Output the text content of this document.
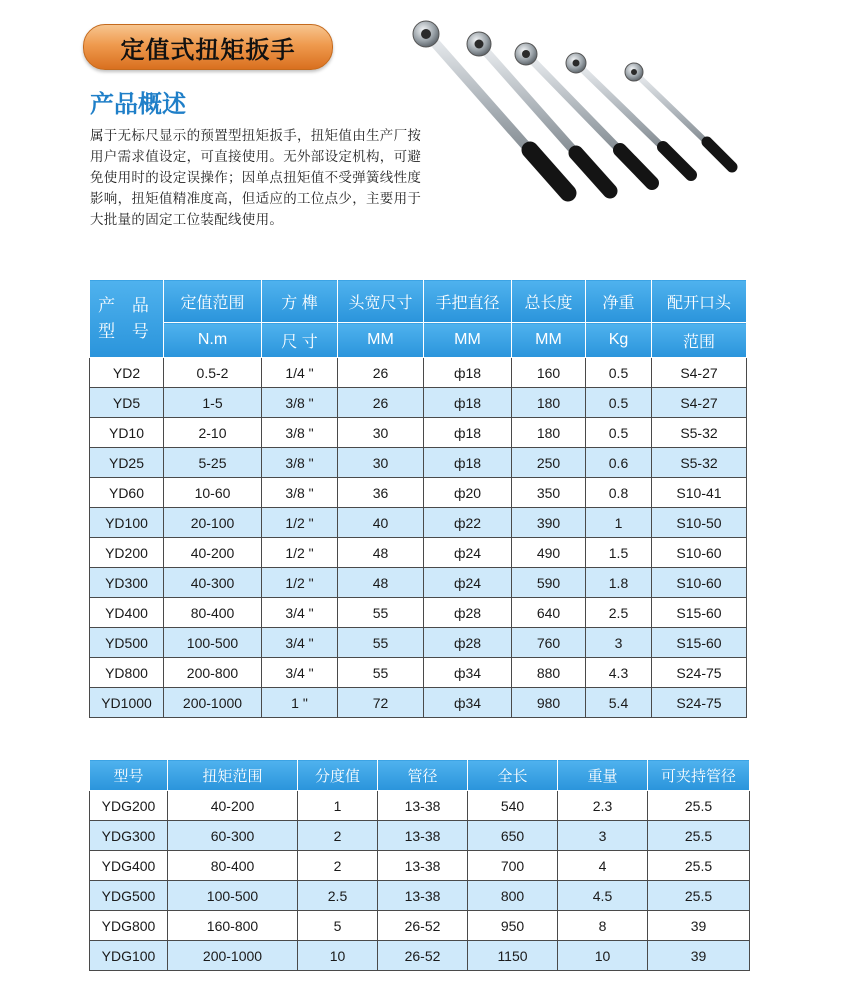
定值式扭矩扳手
产品概述
属于无标尺显示的预置型扭矩扳手，扭矩值由生产厂按
用户需求值设定，可直接使用。无外部设定机构，可避
免使用时的设定误操作；因单点扭矩值不受弹簧线性度
影响，扭矩值精准度高，但适应的工位点少，主要用于
大批量的固定工位装配线使用。
产 品
型 号	定值范围	方 榫	头宽尺寸	手把直径	总长度	净重	配开口头
	N.m	尺 寸	MM	MM	MM	Kg	范围
YD2	0.5-2	1/4 "	26	ф18	160	0.5	S4-27
YD5	1-5	3/8 "	26	ф18	180	0.5	S4-27
YD10	2-10	3/8 "	30	ф18	180	0.5	S5-32
YD25	5-25	3/8 "	30	ф18	250	0.6	S5-32
YD60	10-60	3/8 "	36	ф20	350	0.8	S10-41
YD100	20-100	1/2 "	40	ф22	390	1	S10-50
YD200	40-200	1/2 "	48	ф24	490	1.5	S10-60
YD300	40-300	1/2 "	48	ф24	590	1.8	S10-60
YD400	80-400	3/4 "	55	ф28	640	2.5	S15-60
YD500	100-500	3/4 "	55	ф28	760	3	S15-60
YD800	200-800	3/4 "	55	ф34	880	4.3	S24-75
YD1000	200-1000	1 "	72	ф34	980	5.4	S24-75
型号	扭矩范围	分度值	管径	全长	重量	可夹持管径
YDG200	40-200	1	13-38	540	2.3	25.5
YDG300	60-300	2	13-38	650	3	25.5
YDG400	80-400	2	13-38	700	4	25.5
YDG500	100-500	2.5	13-38	800	4.5	25.5
YDG800	160-800	5	26-52	950	8	39
YDG100	200-1000	10	26-52	1150	10	39
